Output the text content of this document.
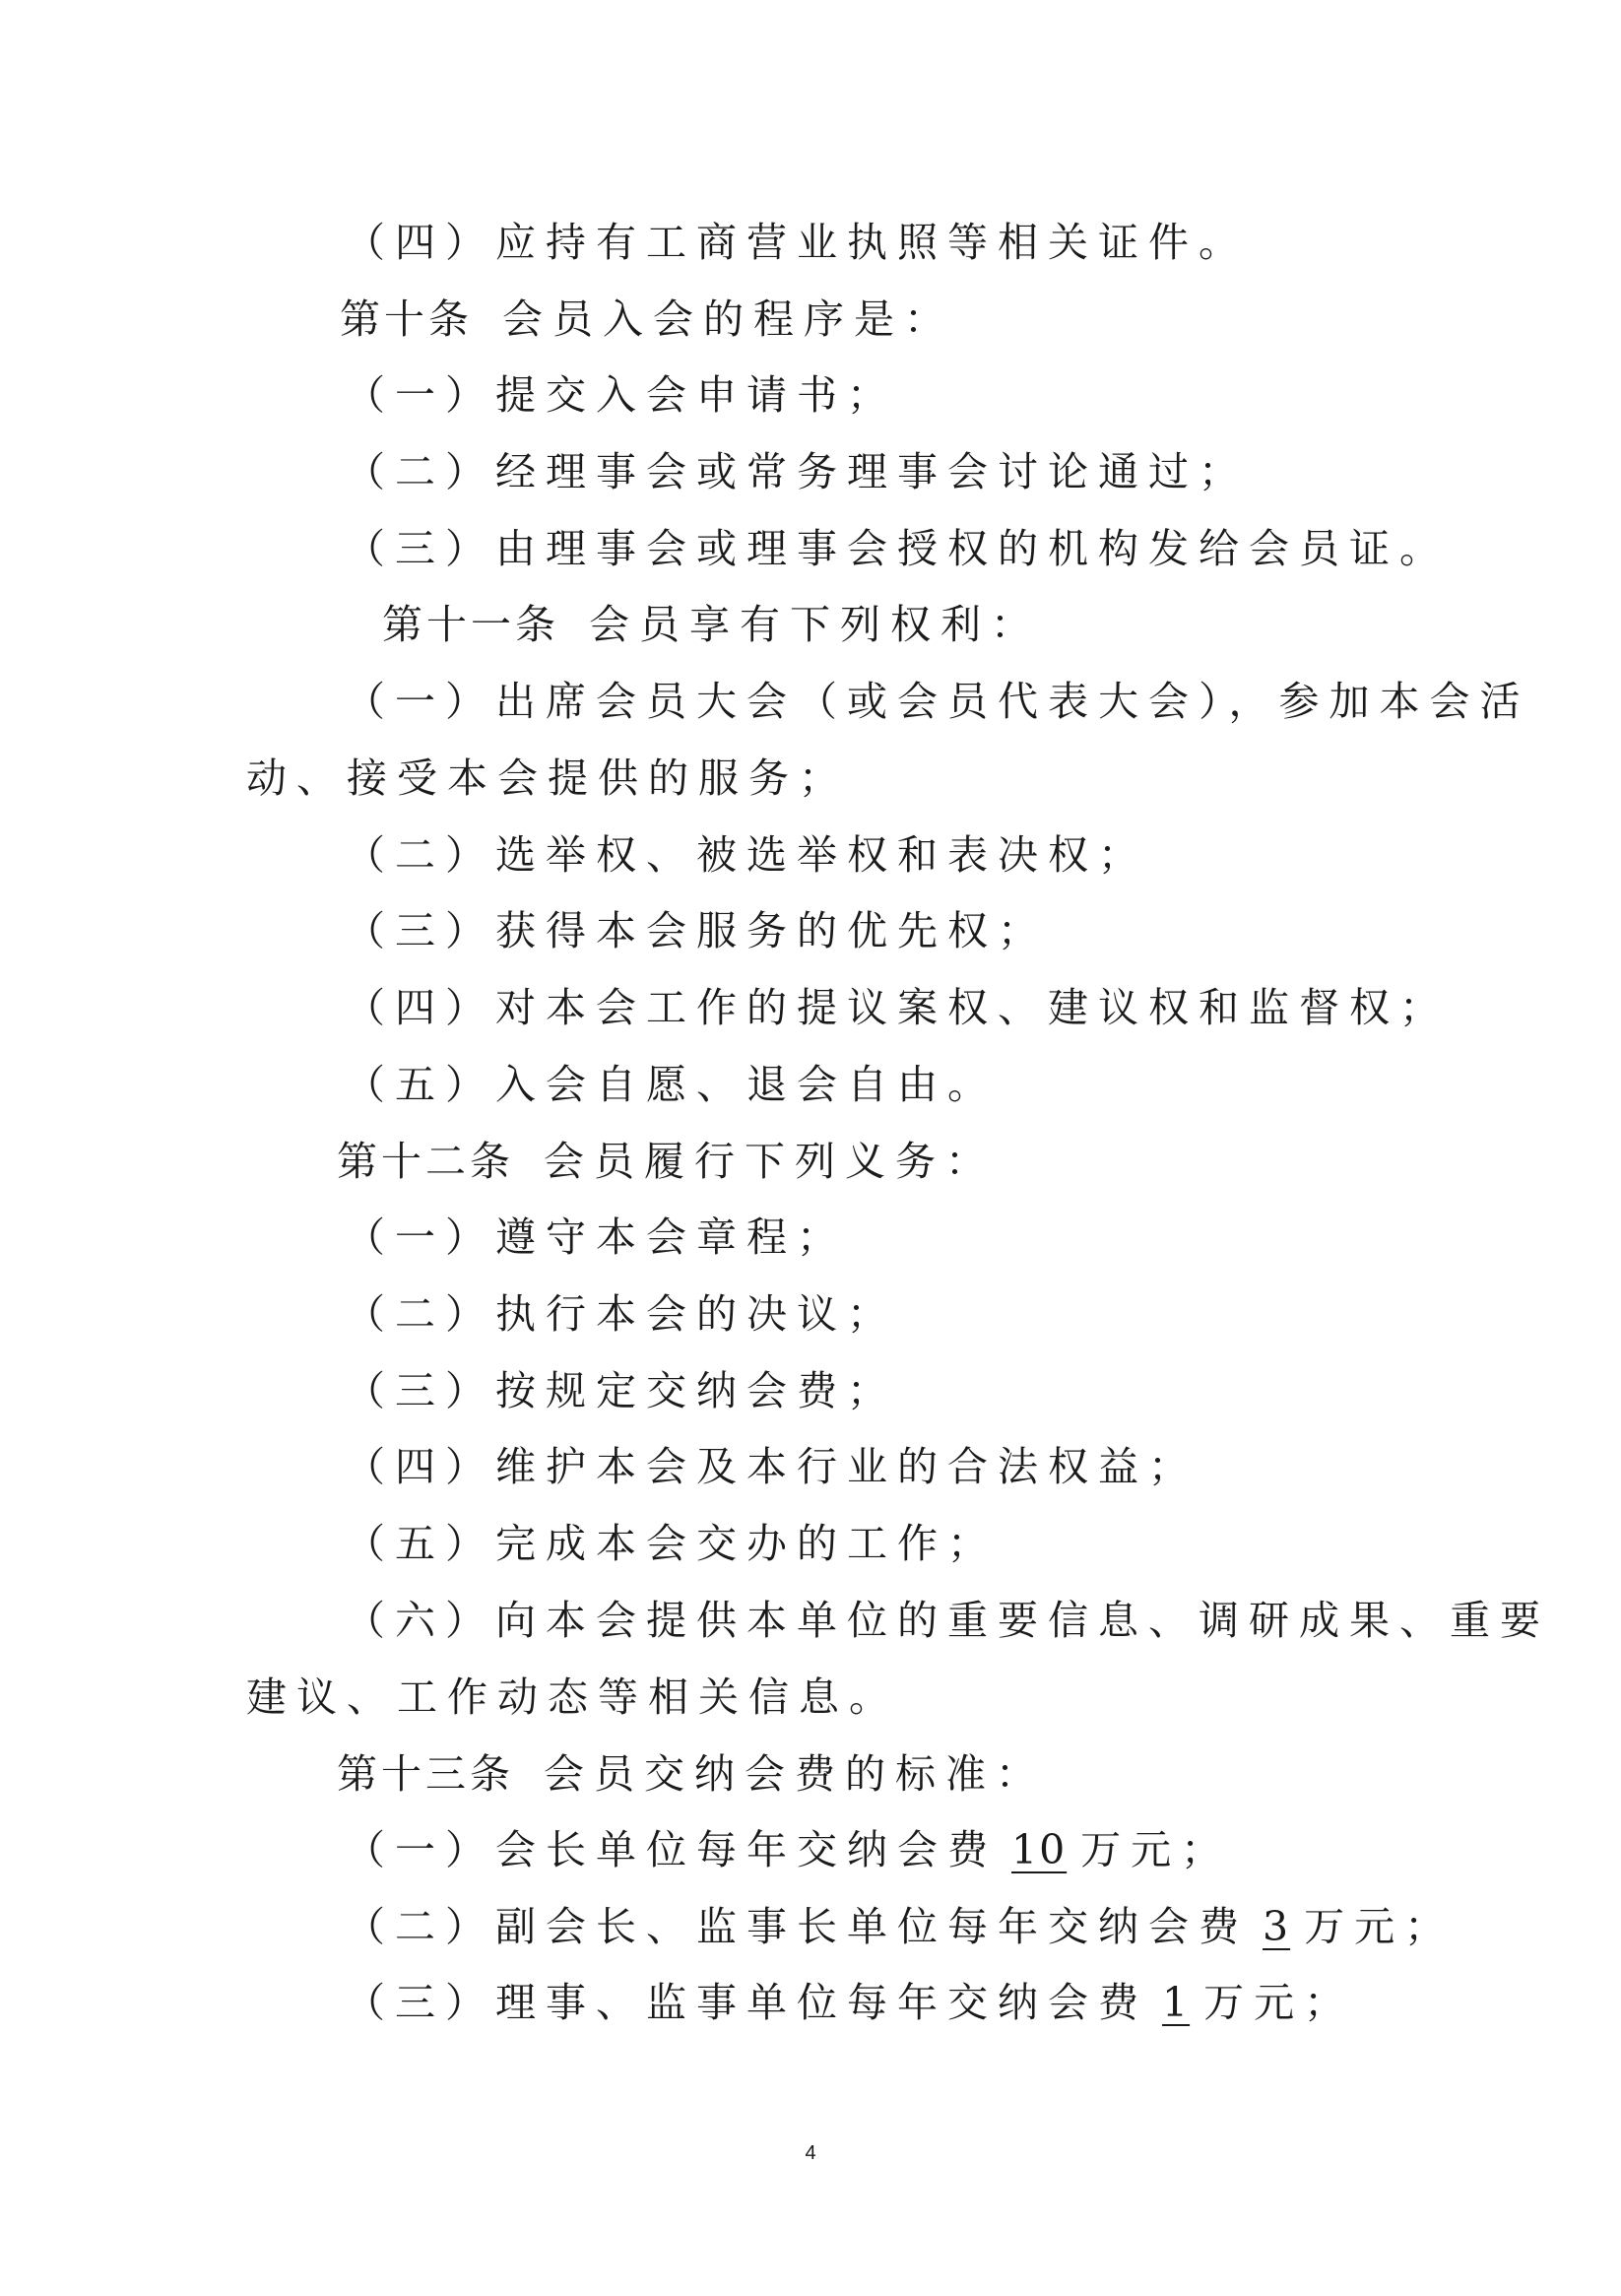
（四）应持有工商营业执照等相关证件。
第十条 会员入会的程序是：
（一）提交入会申请书；
（二）经理事会或常务理事会讨论通过；
（三）由理事会或理事会授权的机构发给会员证。
第十一条 会员享有下列权利：
（一）出席会员大会（或会员代表大会），参加本会活
动、接受本会提供的服务；
（二）选举权、被选举权和表决权；
（三）获得本会服务的优先权；
（四）对本会工作的提议案权、建议权和监督权；
（五）入会自愿、退会自由。
第十二条 会员履行下列义务：
（一）遵守本会章程；
（二）执行本会的决议；
（三）按规定交纳会费；
（四）维护本会及本行业的合法权益；
（五）完成本会交办的工作；
（六）向本会提供本单位的重要信息、调研成果、重要
建议、工作动态等相关信息。
第十三条 会员交纳会费的标准：
（一）会长单位每年交纳会费 10 万元；
（二）副会长、监事长单位每年交纳会费 3 万元；
（三）理事、监事单位每年交纳会费 1 万元；
4
